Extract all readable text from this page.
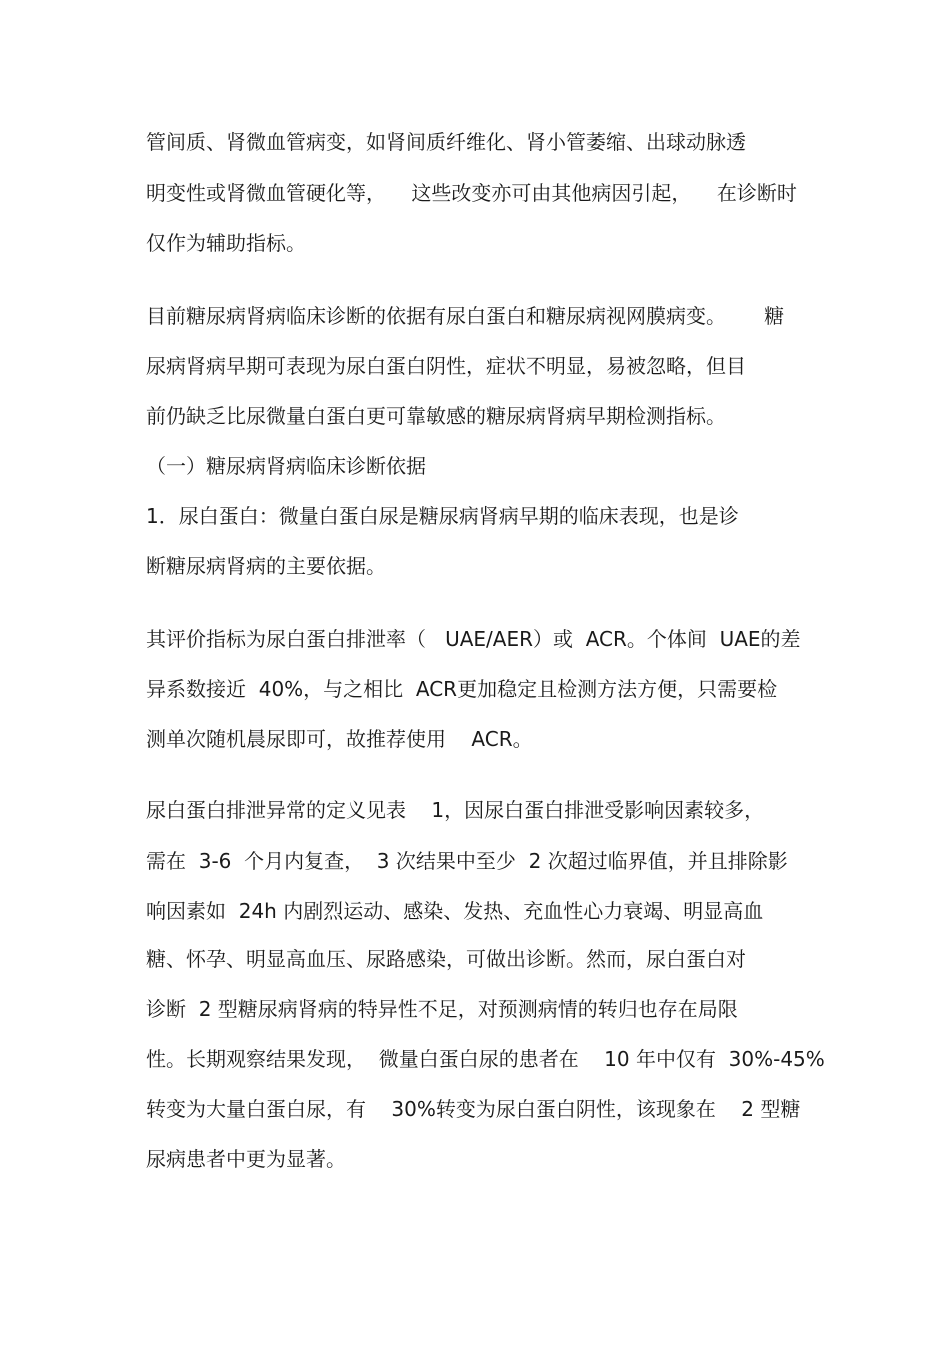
管间质、肾微血管病变，如肾间质纤维化、肾小管萎缩、出球动脉透
明变性或肾微血管硬化等，    这些改变亦可由其他病因引起，    在诊断时
仅作为辅助指标。
目前糖尿病肾病临床诊断的依据有尿白蛋白和糖尿病视网膜病变。      糖
尿病肾病早期可表现为尿白蛋白阴性，症状不明显，易被忽略，但目
前仍缺乏比尿微量白蛋白更可靠敏感的糖尿病肾病早期检测指标。
（一）糖尿病肾病临床诊断依据
1．尿白蛋白：微量白蛋白尿是糖尿病肾病早期的临床表现，也是诊
断糖尿病肾病的主要依据。
其评价指标为尿白蛋白排泄率（   UAE/AER）或  ACR。个体间  UAE的差
异系数接近  40%，与之相比  ACR更加稳定且检测方法方便，只需要检
测单次随机晨尿即可，故推荐使用    ACR。
尿白蛋白排泄异常的定义见表    1，因尿白蛋白排泄受影响因素较多，
需在  3-6  个月内复查，  3 次结果中至少  2 次超过临界值，并且排除影
响因素如  24h 内剧烈运动、感染、发热、充血性心力衰竭、明显高血
糖、怀孕、明显高血压、尿路感染，可做出诊断。然而，尿白蛋白对
诊断  2 型糖尿病肾病的特异性不足，对预测病情的转归也存在局限
性。长期观察结果发现，  微量白蛋白尿的患者在    10 年中仅有  30%-45%
转变为大量白蛋白尿，有    30%转变为尿白蛋白阴性，该现象在    2 型糖
尿病患者中更为显著。
